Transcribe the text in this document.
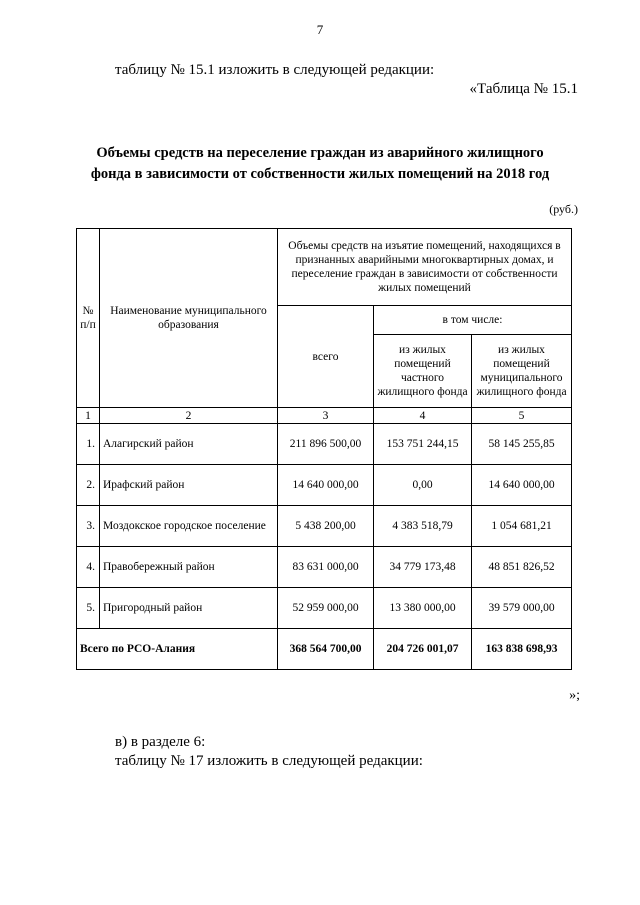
7
таблицу № 15.1 изложить в следующей редакции:
«Таблица № 15.1
Объемы средств на переселение граждан из аварийного жилищного
фонда в зависимости от собственности жилых помещений на 2018 год
(руб.)
№ п/п	Наименование муниципального образования	Объемы средств на изъятие помещений, находящихся в признанных аварийными многоквартирных домах, и переселение граждан в зависимости от собственности жилых помещений		
		всего	в том числе:	
			из жилых помещений частного жилищного фонда	из жилых помещений муниципального жилищного фонда
1	2	3	4	5
1.	Алагирский район	211 896 500,00	153 751 244,15	58 145 255,85
2.	Ирафский район	14 640 000,00	0,00	14 640 000,00
3.	Моздокское городское поселение	5 438 200,00	4 383 518,79	1 054 681,21
4.	Правобережный район	83 631 000,00	34 779 173,48	48 851 826,52
5.	Пригородный район	52 959 000,00	13 380 000,00	39 579 000,00
Всего по РСО-Алания		368 564 700,00	204 726 001,07	163 838 698,93
»;
в) в разделе 6:
таблицу № 17 изложить в следующей редакции:
